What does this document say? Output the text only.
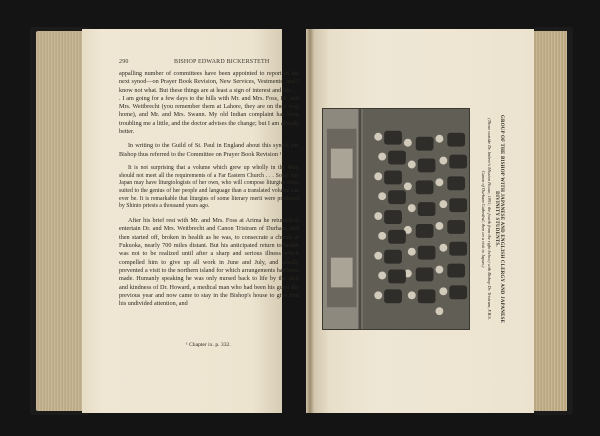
290	BISHOP EDWARD BICKERSTETH

appalling number of committees have been appointed to report to the next synod—on Prayer Book Revision, New Services, Vestments, and I know not what. But these things are at least a sign of interest and life. . . . I am going for a few days to the hills with Mr. and Mrs. Foss, Dr. and Mrs. Weitbrecht (you remember them at Lahore, they are on their way home), and Mr. and Mrs. Swann. My old Indian complaint has been troubling me a little, and the doctor advises the change; but I am already better.

In writing to the Guild of St. Paul in England about this synod, the Bishop thus referred to the Committee on Prayer Book Revision ¹ :

It is not surprising that a volume which grew up wholly in the West should not meet all the requirements of a Far Eastern Church . . . Some day Japan may have liturgiologists of her own, who will compose liturgies more suited to the genius of her people and language than a translated volume can ever be. It is remarkable that liturgies of some literary merit were produced by Shinto priests a thousand years ago.

After his brief rest with Mr. and Mrs. Foss at Arima he returned to entertain Dr. and Mrs. Weitbrecht and Canon Tristram of Durham, and then started off, broken in health as he was, to consecrate a church at Fukuoka, nearly 700 miles distant. But his anticipated return to health was not to be realized until after a sharp and serious illness which compelled him to give up all work in June and July, and wholly prevented a visit to the northern island for which arrangements had been made. Humanly speaking he was only nursed back to life by the skill and kindness of Dr. Howard, a medical man who had been his guest the previous year and now came to stay in the Bishop's house to give him his undivided attention, and

¹ Chapter ix. p. 332.
GROUP OF THE BISHOP WITH JAPANESE AND ENGLISH CLERGY AND JAPANESE DIVINITY STUDENTS.
(Those outside Dr. Imbrie's Mission House, 1891; the fourth from the right below) with Bishop Dr. Tristram, F.R.S.
Canon of Durham Cathedral, then on a visit to Japan.)
